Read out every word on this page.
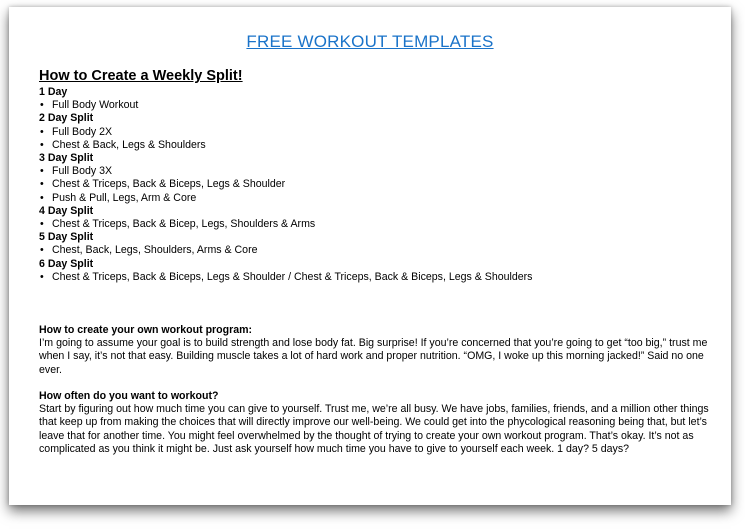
FREE WORKOUT TEMPLATES
How to Create a Weekly Split!
1 Day
• Full Body Workout
2 Day Split
• Full Body 2X
• Chest & Back, Legs & Shoulders
3 Day Split
• Full Body 3X
• Chest & Triceps, Back & Biceps, Legs & Shoulder
• Push & Pull, Legs, Arm & Core
4 Day Split
• Chest & Triceps, Back & Bicep, Legs, Shoulders & Arms
5 Day Split
• Chest, Back, Legs, Shoulders, Arms & Core
6 Day Split
• Chest & Triceps, Back & Biceps, Legs & Shoulder / Chest & Triceps, Back & Biceps, Legs & Shoulders
How to create your own workout program:
I’m going to assume your goal is to build strength and lose body fat. Big surprise! If you’re concerned that you’re going to get “too big,” trust me when I say, it’s not that easy. Building muscle takes a lot of hard work and proper nutrition. “OMG, I woke up this morning jacked!” Said no one ever.
How often do you want to workout?
Start by figuring out how much time you can give to yourself. Trust me, we’re all busy. We have jobs, families, friends, and a million other things that keep up from making the choices that will directly improve our well-being. We could get into the phycological reasoning being that, but let’s leave that for another time. You might feel overwhelmed by the thought of trying to create your own workout program. That’s okay. It’s not as complicated as you think it might be. Just ask yourself how much time you have to give to yourself each week. 1 day? 5 days?
